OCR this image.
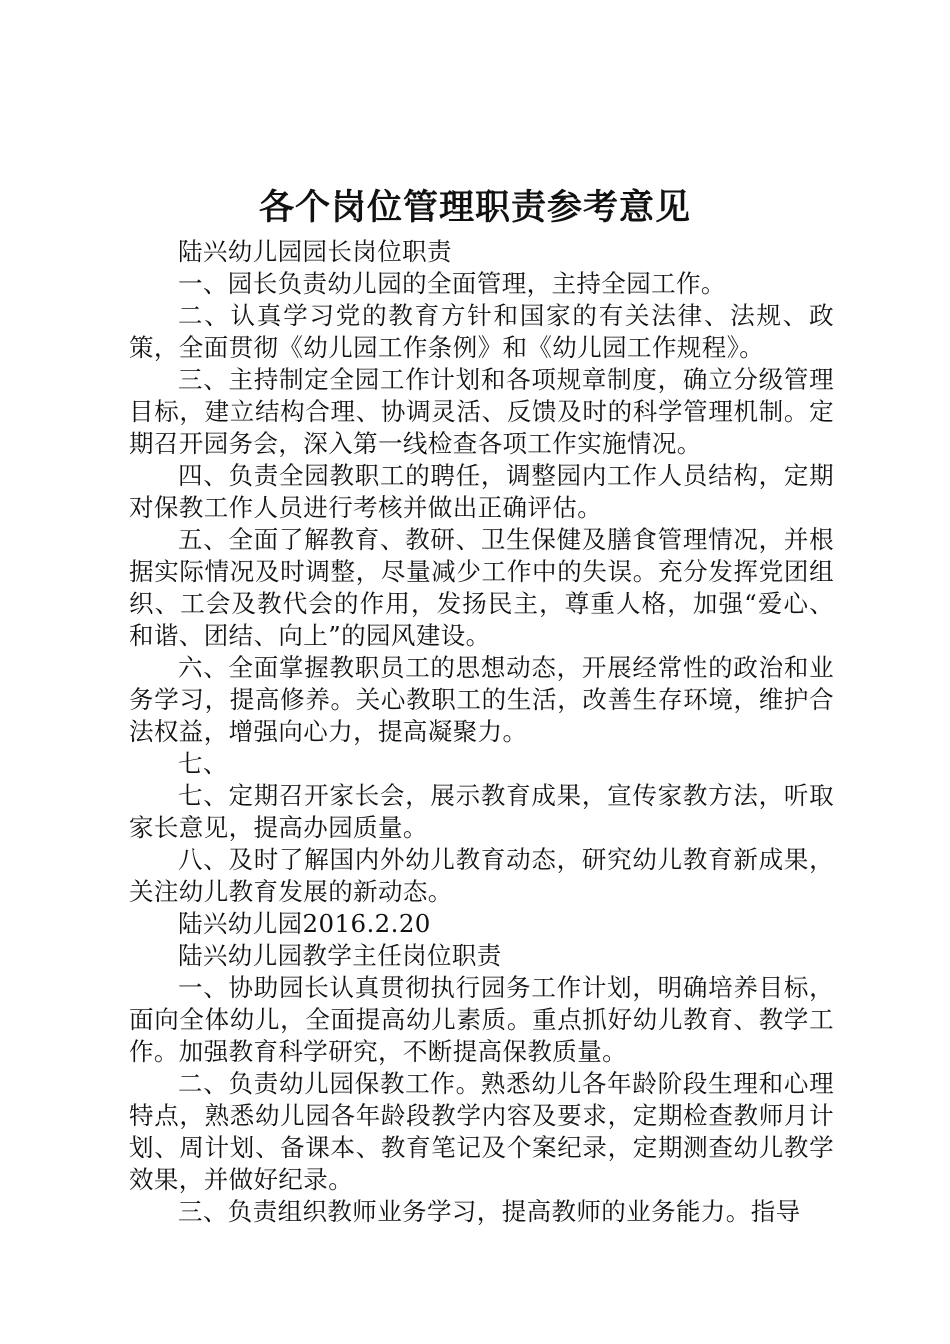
各个岗位管理职责参考意见

陆兴幼儿园园长岗位职责

一、园长负责幼儿园的全面管理，主持全园工作。

二、认真学习党的教育方针和国家的有关法律、法规、政策，全面贯彻《幼儿园工作条例》和《幼儿园工作规程》。

三、主持制定全园工作计划和各项规章制度，确立分级管理目标，建立结构合理、协调灵活、反馈及时的科学管理机制。定期召开园务会，深入第一线检查各项工作实施情况。

四、负责全园教职工的聘任，调整园内工作人员结构，定期对保教工作人员进行考核并做出正确评估。

五、全面了解教育、教研、卫生保健及膳食管理情况，并根据实际情况及时调整，尽量减少工作中的失误。充分发挥党团组织、工会及教代会的作用，发扬民主，尊重人格，加强“爱心、和谐、团结、向上”的园风建设。

六、全面掌握教职员工的思想动态，开展经常性的政治和业务学习，提高修养。关心教职工的生活，改善生存环境，维护合法权益，增强向心力，提高凝聚力。

七、

七、定期召开家长会，展示教育成果，宣传家教方法，听取家长意见，提高办园质量。

八、及时了解国内外幼儿教育动态，研究幼儿教育新成果，关注幼儿教育发展的新动态。

陆兴幼儿园2016.2.20

陆兴幼儿园教学主任岗位职责

一、协助园长认真贯彻执行园务工作计划，明确培养目标，面向全体幼儿，全面提高幼儿素质。重点抓好幼儿教育、教学工作。加强教育科学研究，不断提高保教质量。

二、负责幼儿园保教工作。熟悉幼儿各年龄阶段生理和心理特点，熟悉幼儿园各年龄段教学内容及要求，定期检查教师月计划、周计划、备课本、教育笔记及个案纪录，定期测查幼儿教学效果，并做好纪录。

三、负责组织教师业务学习，提高教师的业务能力。指导
